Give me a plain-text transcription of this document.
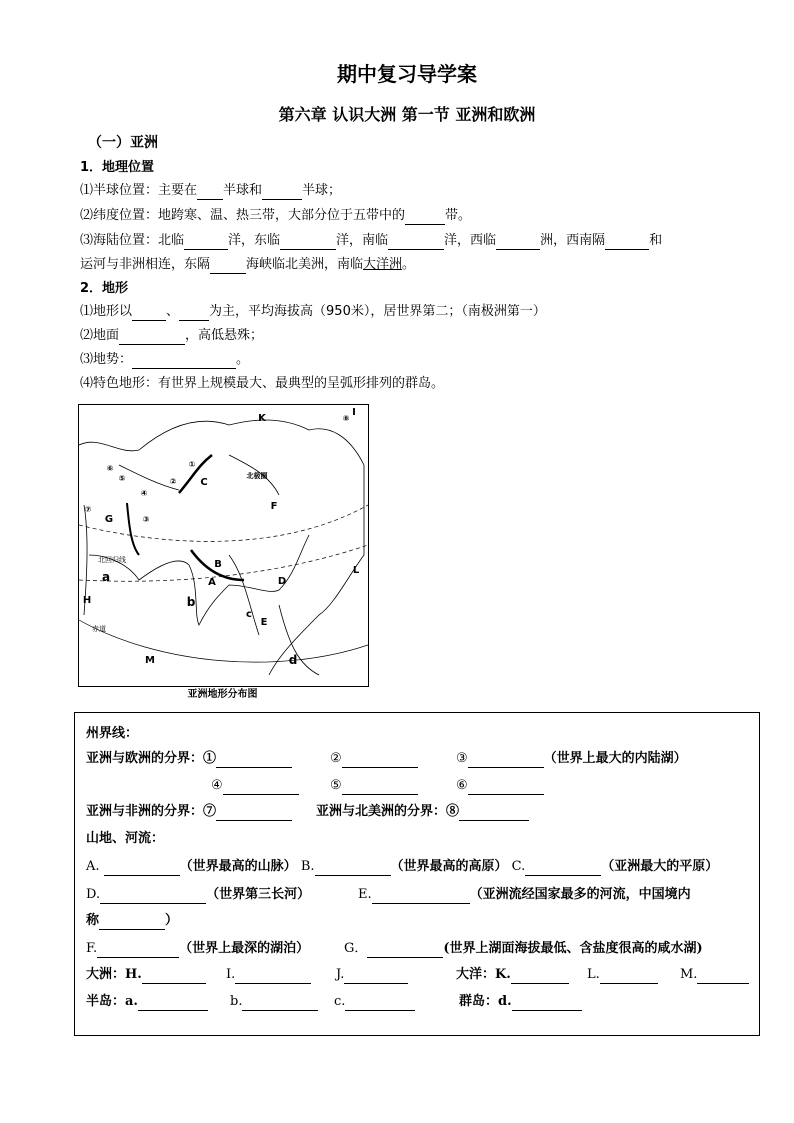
期中复习导学案
第六章 认识大洲 第一节 亚洲和欧洲
（一）亚洲
1．地理位置
⑴半球位置：主要在 半球和	半球；
⑵纬度位置：地跨寒、温、热三带，大部分位于五带中的	带。
⑶海陆位置：北临	洋，东临	洋，南临	洋，西临	洲，西南隔	和
运河与非洲相连，东隔	海峡临北美洲，南临大洋洲。
2．地形
⑴地形以	、 为主，平均海拔高（950米），居世界第二；（南极洲第一）
⑵地面	，高低悬殊；
⑶地势：	。
⑷特色地形：有世界上规模最大、最典型的呈弧形排列的群岛。
K
C
F
北极圈
B
A	D
L
a
b
c
E
d
H
G
M
北回归线
赤道
I
①
②
③
④
⑤
⑥
⑦
⑧
亚洲地形分布图
州界线：
亚洲与欧洲的分界：①	②	③	（世界上最大的内陆湖）
④	⑤	⑥
亚洲与非洲的分界：⑦	亚洲与北美洲的分界：⑧
山地、河流：
A.	（世界最高的山脉） B.	（世界最高的高原） C.	（亚洲最大的平原）
D.	（世界第三长河）	E.	（亚洲流经国家最多的河流，中国境内
称	）
F.	（世界上最深的湖泊）	G．	(世界上湖面海拔最低、含盐度很高的咸水湖)
大洲：H.	I.	J.	大洋：K.	L.	M.
半岛：a.	b.	c.	群岛：d.
